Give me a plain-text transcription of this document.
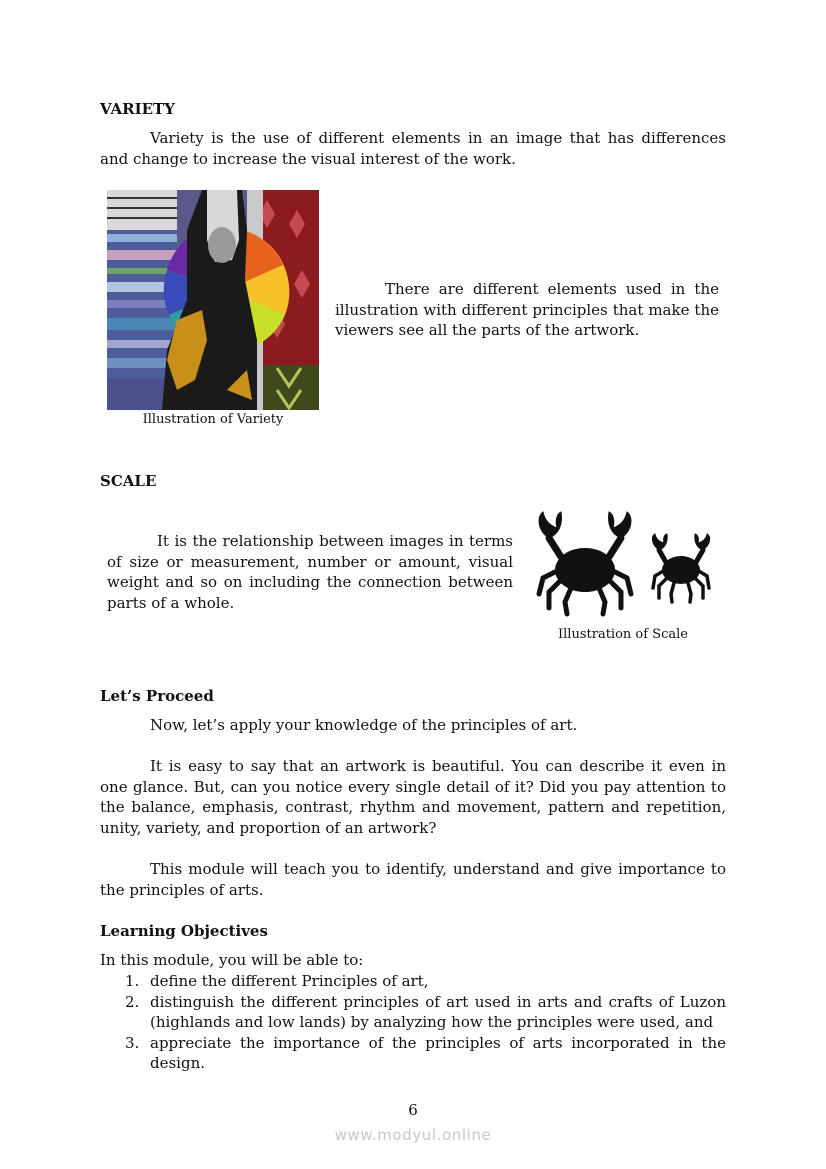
VARIETY
Variety is the use of different elements in an image that has differences and change to increase the visual interest of the work.
Illustration of Variety
There are different elements used in the illustration with different principles that make the viewers see all the parts of the artwork.
SCALE
It is the relationship between images in terms of size or measurement, number or amount, visual weight and so on including the connection between parts of a whole.
Illustration of Scale
Let’s Proceed
Now, let’s apply your knowledge of the principles of art.
It is easy to say that an artwork is beautiful. You can describe it even in one glance. But, can you notice every single detail of it? Did you pay attention to the balance, emphasis, contrast, rhythm and movement, pattern and repetition, unity, variety, and proportion of an artwork?
This module will teach you to identify, understand and give importance to the principles of arts.
Learning Objectives
In this module, you will be able to:
1. define the different Principles of art,
2. distinguish the different principles of art used in arts and crafts of Luzon (highlands and low lands) by analyzing how the principles were used, and
3. appreciate the importance of the principles of arts incorporated in the design.
6
www.modyul.online
